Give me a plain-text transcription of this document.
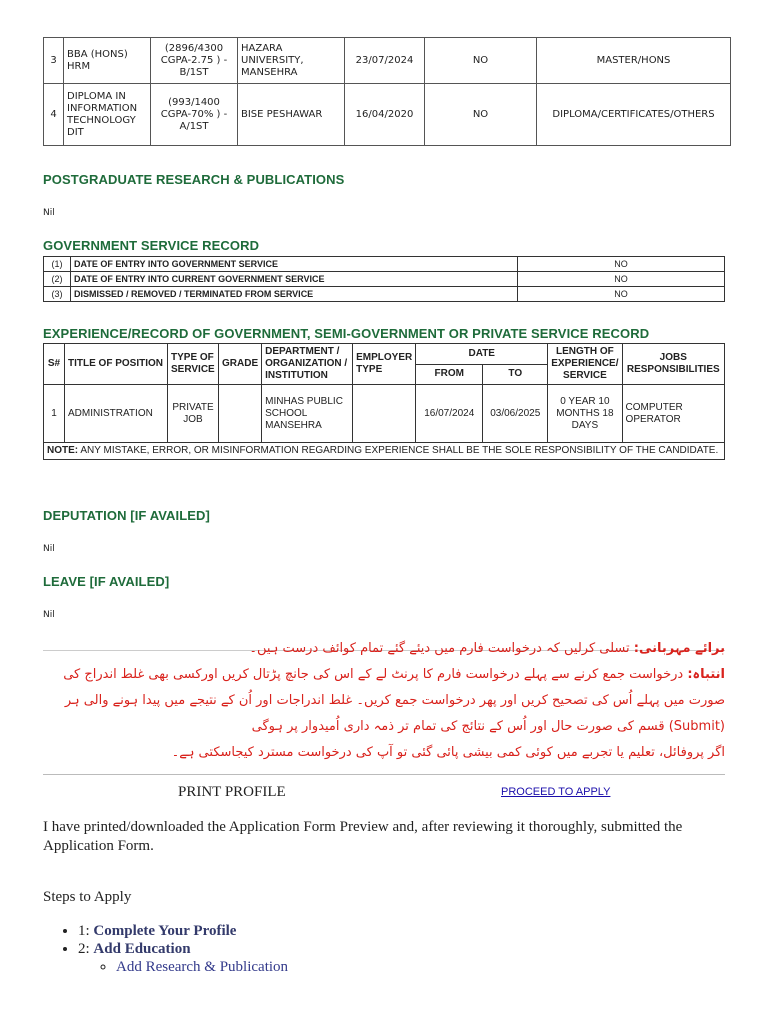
3	BBA (HONS) HRM	(2896/4300 CGPA-2.75 ) - B/1ST	HAZARA UNIVERSITY, MANSEHRA	23/07/2024	NO	MASTER/HONS
4	DIPLOMA IN INFORMATION TECHNOLOGY DIT	(993/1400 CGPA-70% ) - A/1ST	BISE PESHAWAR	16/04/2020	NO	DIPLOMA/CERTIFICATES/OTHERS
POSTGRADUATE RESEARCH & PUBLICATIONS
Nil
GOVERNMENT SERVICE RECORD
(1)	DATE OF ENTRY INTO GOVERNMENT SERVICE	NO
(2)	DATE OF ENTRY INTO CURRENT GOVERNMENT SERVICE	NO
(3)	DISMISSED / REMOVED / TERMINATED FROM SERVICE	NO
EXPERIENCE/RECORD OF GOVERNMENT, SEMI-GOVERNMENT OR PRIVATE SERVICE RECORD
S#	TITLE OF POSITION	TYPE OF SERVICE	GRADE	DEPARTMENT / ORGANIZATION / INSTITUTION	EMPLOYER TYPE	DATE		LENGTH OF EXPERIENCE/ SERVICE	JOBS RESPONSIBILITIES
						FROM	TO		
1	ADMINISTRATION	PRIVATE JOB		MINHAS PUBLIC SCHOOL MANSEHRA		16/07/2024	03/06/2025	0 YEAR 10 MONTHS 18 DAYS	COMPUTER OPERATOR
NOTE: ANY MISTAKE, ERROR, OR MISINFORMATION REGARDING EXPERIENCE SHALL BE THE SOLE RESPONSIBILITY OF THE CANDIDATE.									
DEPUTATION [IF AVAILED]
Nil
LEAVE [IF AVAILED]
Nil
برائے مہربانی: تسلی کرلیں کہ درخواست فارم میں دیئے گئے تمام کوائف درست ہیں۔
انتباہ: درخواست جمع کرنے سے پہلے درخواست فارم کا پرنٹ لے کے اس کی جانچ پڑتال کریں اورکسی بھی غلط اندراج کی صورت میں پہلے اُس کی تصحیح کریں اور پھر درخواست جمع کریں۔ غلط اندراجات اور اُن کے نتیجے میں پیدا ہونے والی ہر (Submit) قسم کی صورت حال اور اُس کے نتائج کی تمام تر ذمہ داری اُمیدوار پر ہوگی
اگر پروفائل، تعلیم یا تجربے میں کوئی کمی بیشی پائی گئی تو آپ کی درخواست مسترد کیجاسکتی ہے۔
PRINT PROFILE	PROCEED TO APPLY
I have printed/downloaded the Application Form Preview and, after reviewing it thoroughly, submitted the Application Form.
Steps to Apply
• 1: Complete Your Profile
• 2: Add Education
◦ Add Research & Publication
